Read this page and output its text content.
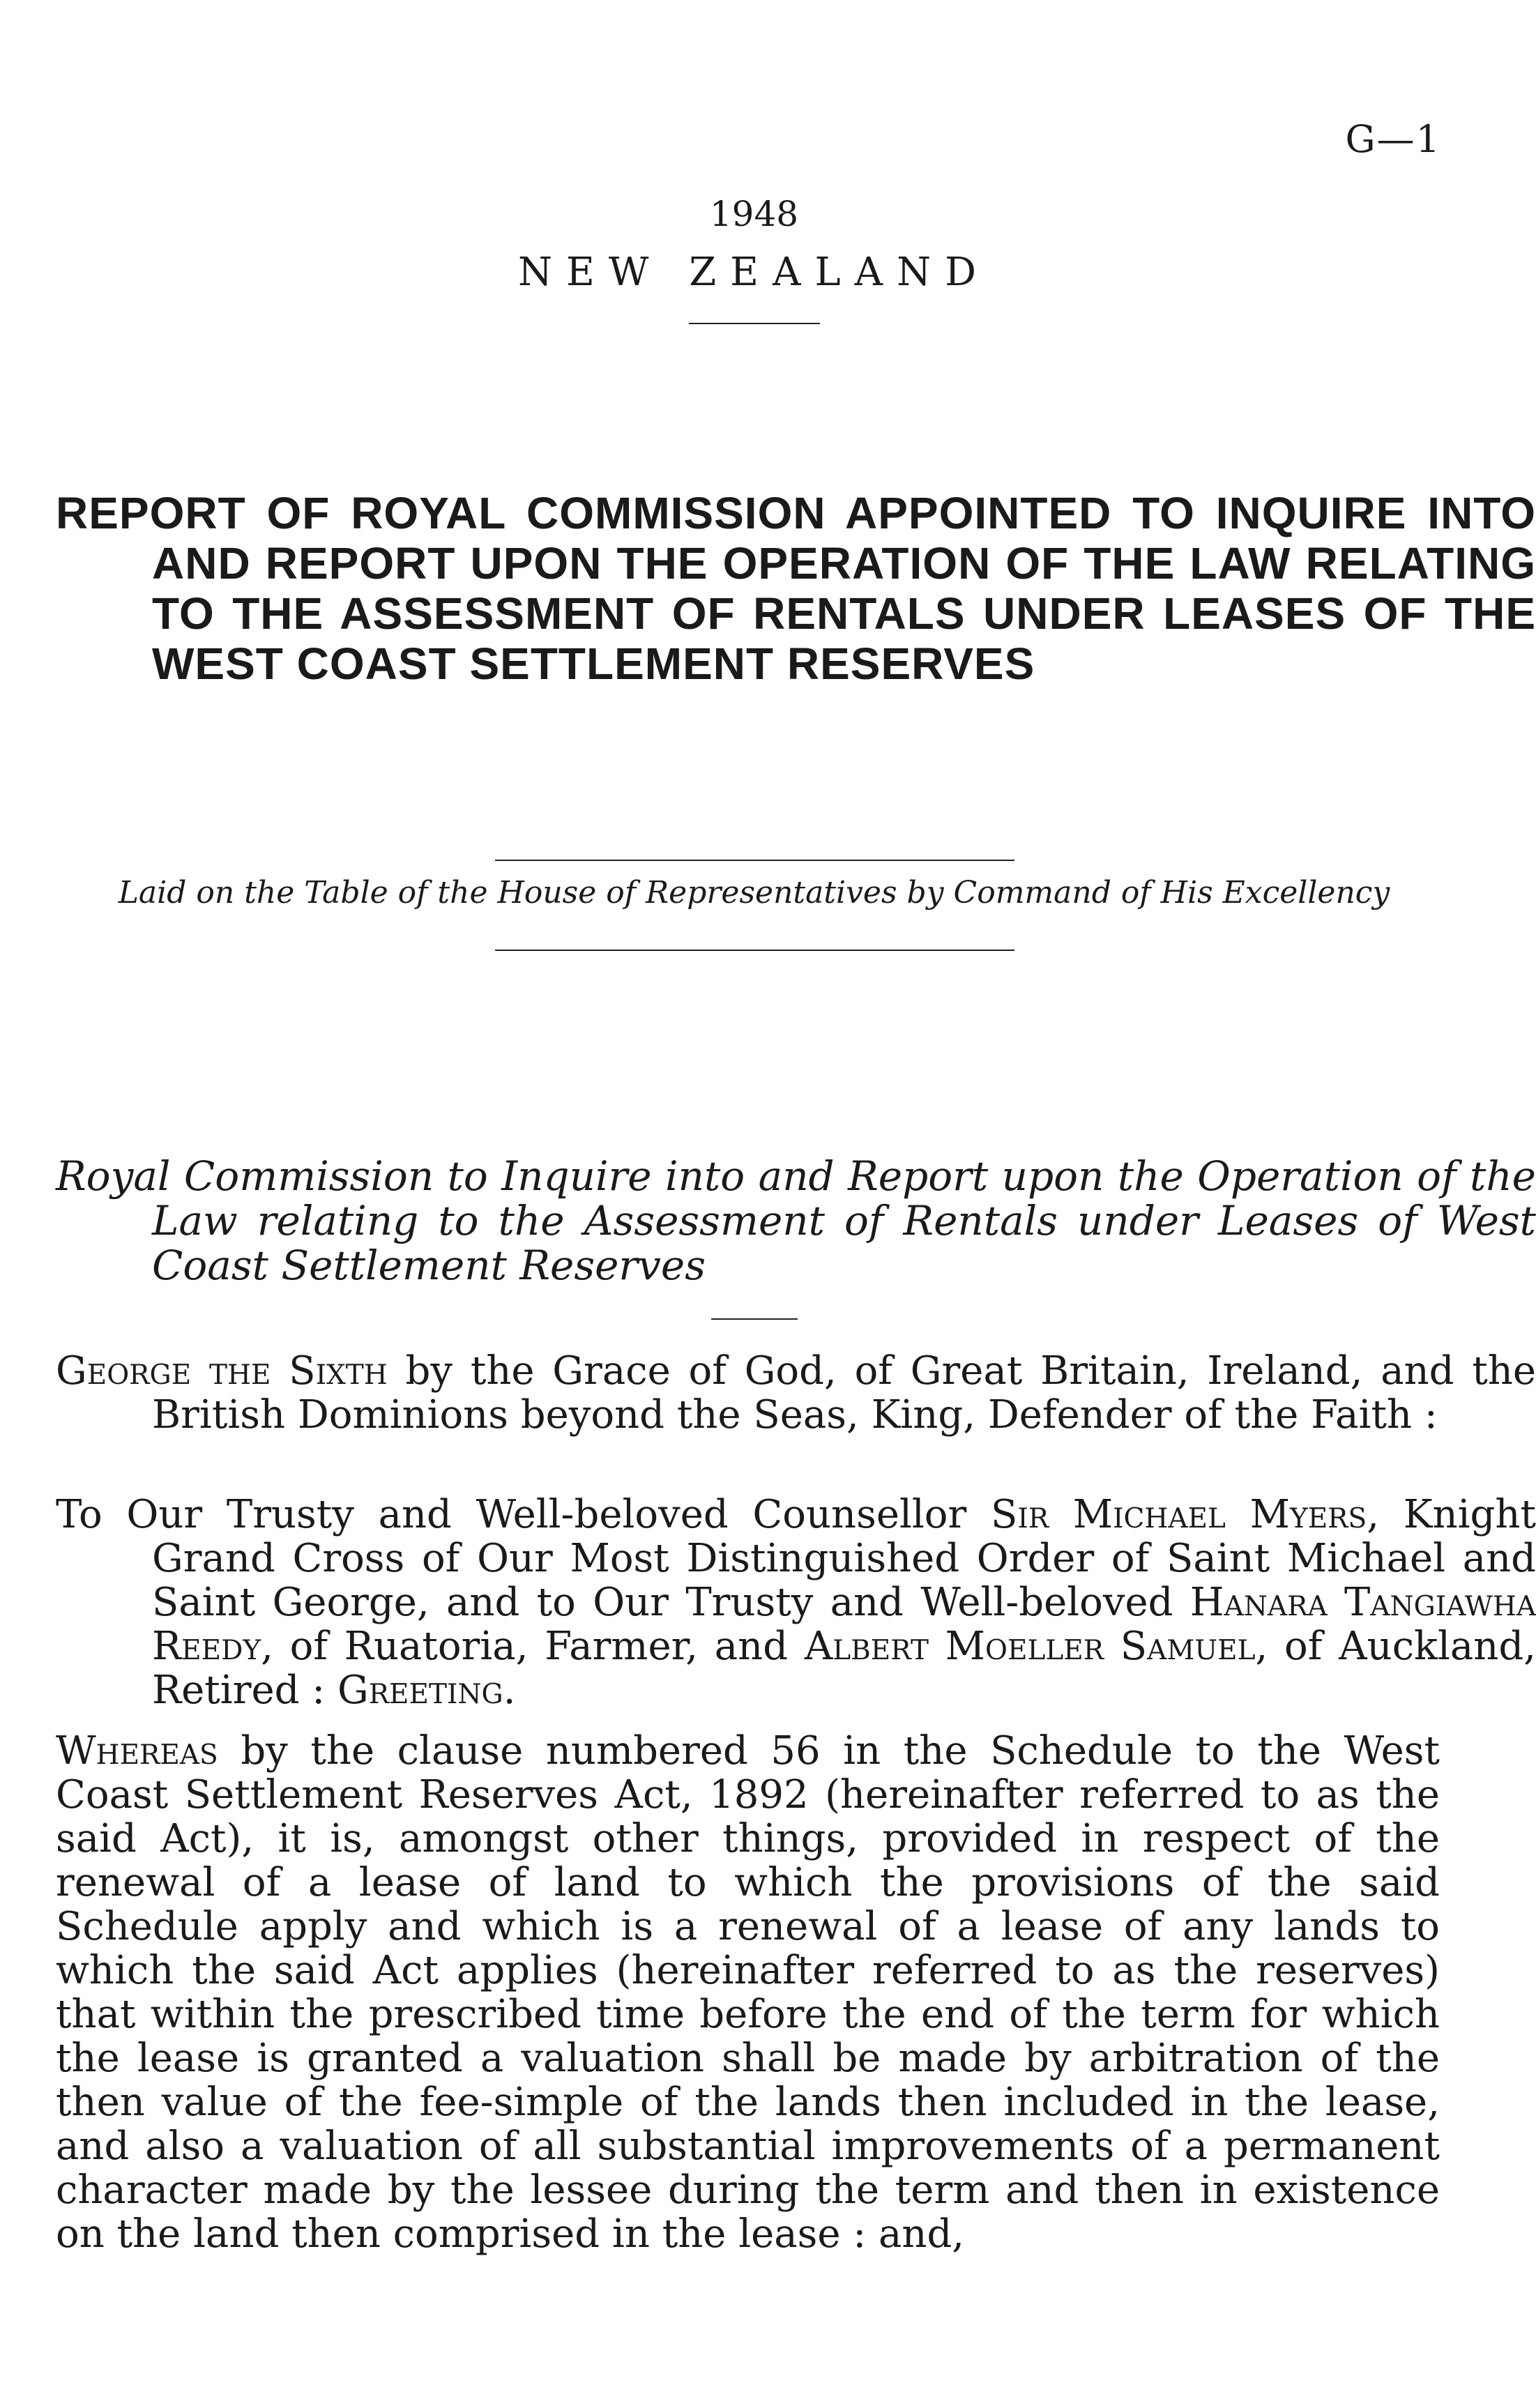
G—1
1948
NEW ZEALAND
REPORT OF ROYAL COMMISSION APPOINTED TO INQUIRE INTO AND REPORT UPON THE OPERATION OF THE LAW RELATING TO THE ASSESSMENT OF RENTALS UNDER LEASES OF THE WEST COAST SETTLEMENT RESERVES
Laid on the Table of the House of Representatives by Command of His Excellency
Royal Commission to Inquire into and Report upon the Operation of the Law relating to the Assessment of Rentals under Leases of West Coast Settlement Reserves
George the Sixth by the Grace of God, of Great Britain, Ireland, and the British Dominions beyond the Seas, King, Defender of the Faith :
To Our Trusty and Well-beloved Counsellor Sir Michael Myers, Knight Grand Cross of Our Most Distinguished Order of Saint Michael and Saint George, and to Our Trusty and Well-beloved Hanara Tangiawha Reedy, of Ruatoria, Farmer, and Albert Moeller Samuel, of Auckland, Retired : Greeting.
Whereas by the clause numbered 56 in the Schedule to the West Coast Settlement Reserves Act, 1892 (hereinafter referred to as the said Act), it is, amongst other things, provided in respect of the renewal of a lease of land to which the provisions of the said Schedule apply and which is a renewal of a lease of any lands to which the said Act applies (hereinafter referred to as the reserves) that within the prescribed time before the end of the term for which the lease is granted a valuation shall be made by arbitration of the then value of the fee-simple of the lands then included in the lease, and also a valuation of all substantial improvements of a permanent character made by the lessee during the term and then in existence on the land then comprised in the lease : and,
